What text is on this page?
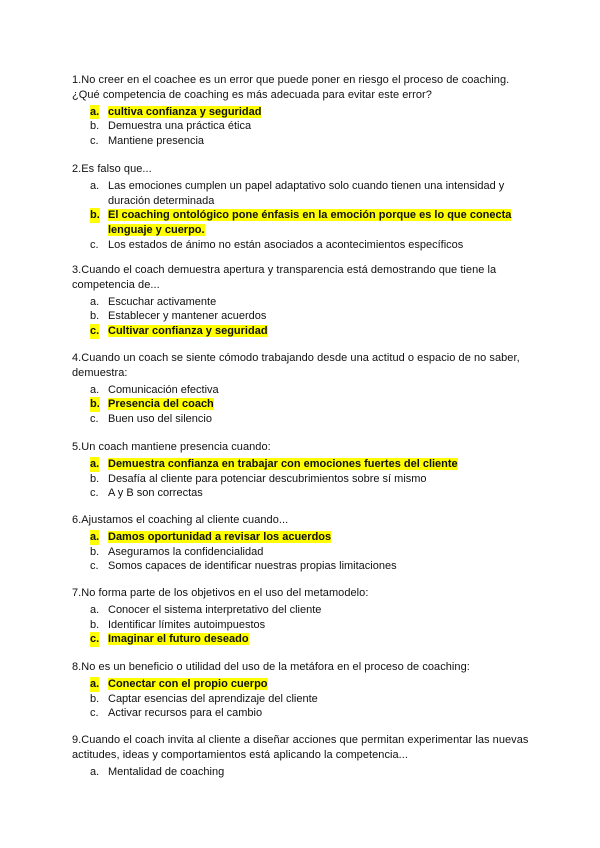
1.No creer en el coachee es un error que puede poner en riesgo el proceso de coaching. ¿Qué competencia de coaching es más adecuada para evitar este error?

a. cultiva confianza y seguridad
b. Demuestra una práctica ética
c. Mantiene presencia

2.Es falso que...

a. Las emociones cumplen un papel adaptativo solo cuando tienen una intensidad y duración determinada
b. El coaching ontológico pone énfasis en la emoción porque es lo que conecta lenguaje y cuerpo.
c. Los estados de ánimo no están asociados a acontecimientos específicos

3.Cuando el coach demuestra apertura y transparencia está demostrando que tiene la competencia de...

a. Escuchar activamente
b. Establecer y mantener acuerdos
c. Cultivar confianza y seguridad

4.Cuando un coach se siente cómodo trabajando desde una actitud o espacio de no saber, demuestra:

a. Comunicación efectiva
b. Presencia del coach
c. Buen uso del silencio

5.Un coach mantiene presencia cuando:

a. Demuestra confianza en trabajar con emociones fuertes del cliente
b. Desafía al cliente para potenciar descubrimientos sobre sí mismo
c. A y B son correctas

6.Ajustamos el coaching al cliente cuando...

a. Damos oportunidad a revisar los acuerdos
b. Aseguramos la confidencialidad
c. Somos capaces de identificar nuestras propias limitaciones

7.No forma parte de los objetivos en el uso del metamodelo:

a. Conocer el sistema interpretativo del cliente
b. Identificar límites autoimpuestos
c. Imaginar el futuro deseado

8.No es un beneficio o utilidad del uso de la metáfora en el proceso de coaching:

a. Conectar con el propio cuerpo
b. Captar esencias del aprendizaje del cliente
c. Activar recursos para el cambio

9.Cuando el coach invita al cliente a diseñar acciones que permitan experimentar las nuevas actitudes, ideas y comportamientos está aplicando la competencia...

a. Mentalidad de coaching
